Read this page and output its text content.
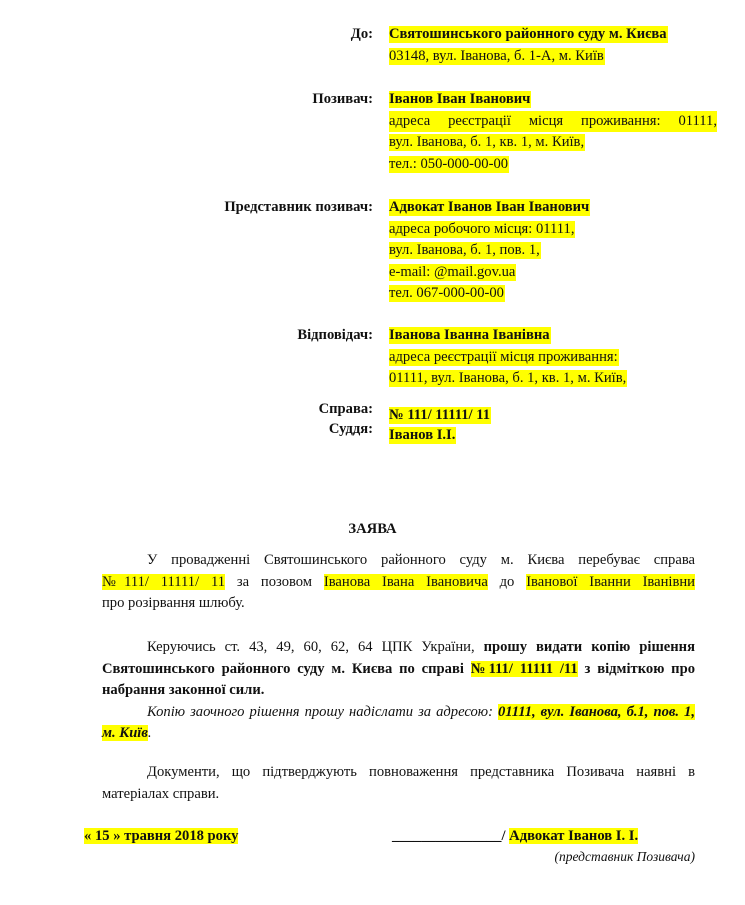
До: Святошинського районного суду м. Києва
03148, вул. Іванова, б. 1-А, м. Київ
Позивач: Іванов Іван Іванович
адреса реєстрації місця проживання: 01111,
вул. Іванова, б. 1, кв. 1, м. Київ,
тел.: 050-000-00-00
Представник позивач: Адвокат Іванов Іван Іванович
адреса робочого місця: 01111,
вул. Іванова, б. 1, пов. 1,
e-mail: @mail.gov.ua
тел. 067-000-00-00
Відповідач: Іванова Іванна Іванівна
адреса реєстрації місця проживання:
01111, вул. Іванова, б. 1, кв. 1, м. Київ,
Справа:
Суддя:
№ 111/ 11111/ 11
Іванов І.І.
ЗАЯВА

У провадженні Святошинського районного суду м. Києва перебуває справа

№111/ 11111/ 11 за позовом Іванова Івана Івановича до Іванової Іванни Іванівни

про розірвання шлюбу.

Керуючись ст. 43, 49, 60, 62, 64 ЦПК України, прошу видати копію рішення Святошинського районного суду м. Києва по справі №111/ 11111 /11 з відміткою про набрання законної сили.

Копію заочного рішення прошу надіслати за адресою: 01111, вул. Іванова, б.1, пов. 1, м. Київ.

Документи, що підтверджують повноваження представника Позивача наявні в матеріалах справи.

« 15 » травня 2018 року	_______________/ Адвокат Іванов І. І.
(представник Позивача)
